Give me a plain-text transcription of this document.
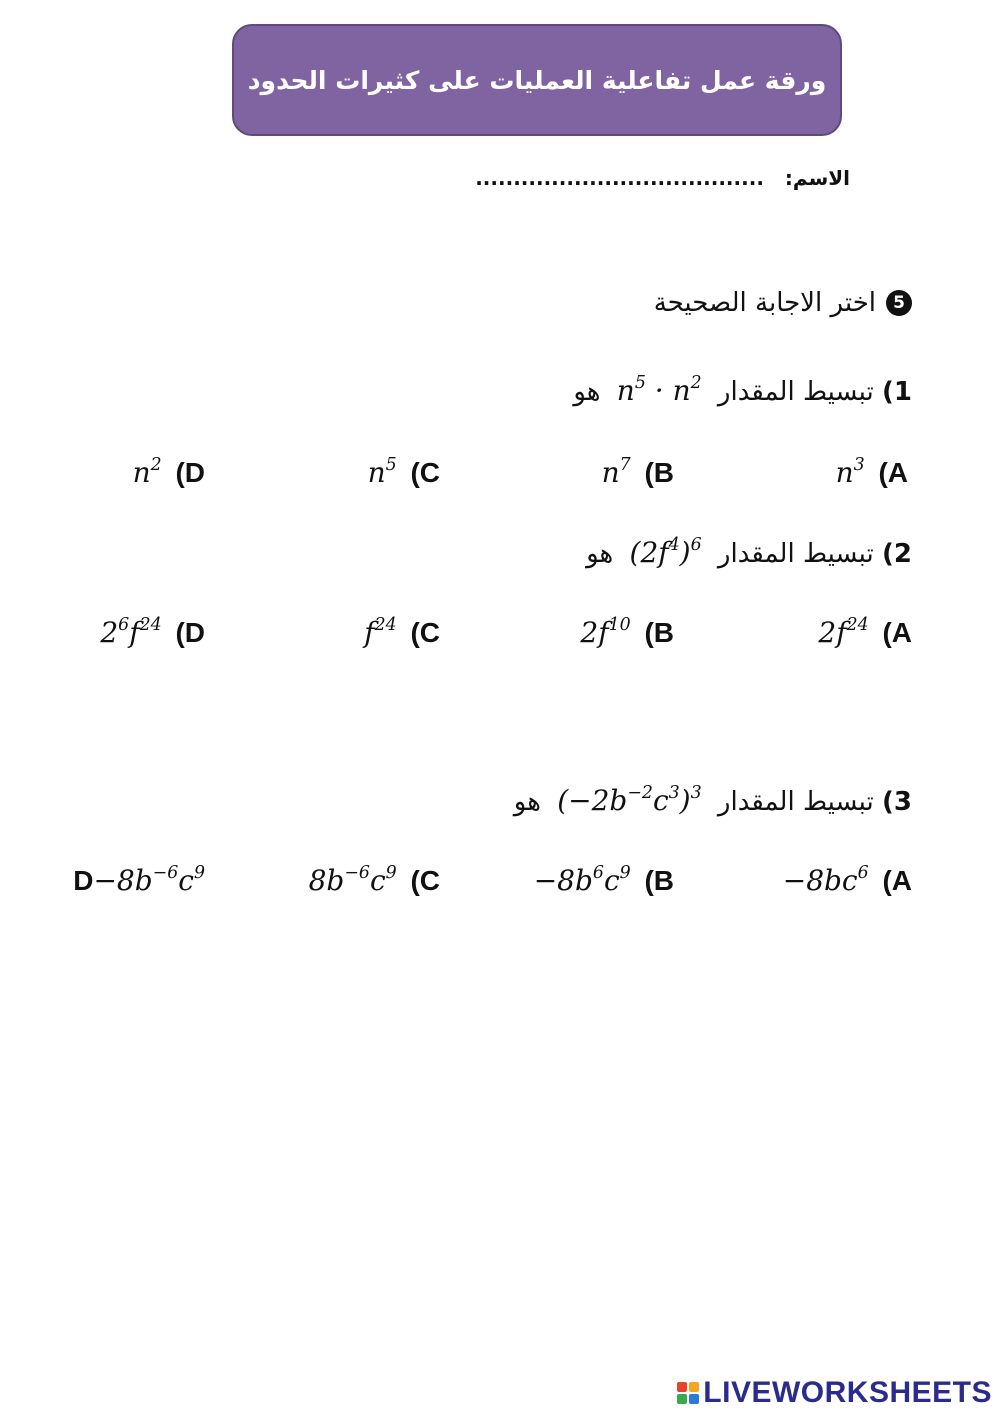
ورقة عمل تفاعلية العمليات على كثيرات الحدود
الاسم: ......................................
5
اختر الاجابة الصحيحة
1) تبسيط المقدار $n^5 \cdot n^2$ هو
$n^3$ (A
$n^7$ (B
$n^5$ (C
$n^2$ (D
2) تبسيط المقدار $(2f^4)^6$ هو
$2f^{24}$ (A
$2f^{10}$ (B
$f^{24}$ (C
$2^6f^{24}$ (D
3) تبسيط المقدار $(-2b^{-2}c^3)^3$ هو
$-8bc^6$ (A
$-8b^6c^9$ (B
$8b^{-6}c^9$ (C
$D-8b^{-6}c^9$
LIVEWORKSHEETS
